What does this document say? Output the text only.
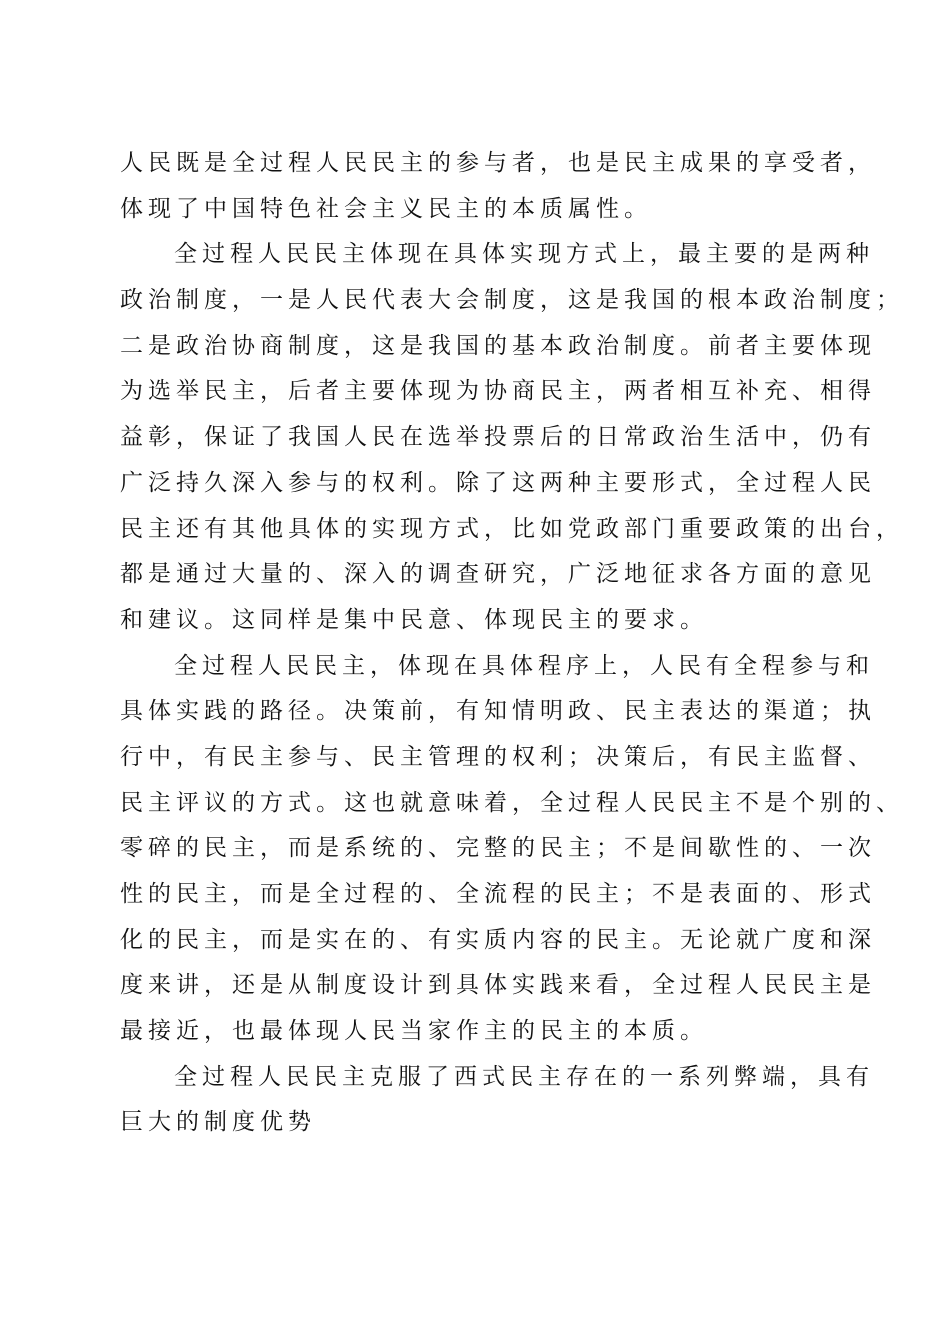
人民既是全过程人民民主的参与者，也是民主成果的享受者，
体现了中国特色社会主义民主的本质属性。
全过程人民民主体现在具体实现方式上，最主要的是两种
政治制度，一是人民代表大会制度，这是我国的根本政治制度；
二是政治协商制度，这是我国的基本政治制度。前者主要体现
为选举民主，后者主要体现为协商民主，两者相互补充、相得
益彰，保证了我国人民在选举投票后的日常政治生活中，仍有
广泛持久深入参与的权利。除了这两种主要形式，全过程人民
民主还有其他具体的实现方式，比如党政部门重要政策的出台，
都是通过大量的、深入的调查研究，广泛地征求各方面的意见
和建议。这同样是集中民意、体现民主的要求。
全过程人民民主，体现在具体程序上，人民有全程参与和
具体实践的路径。决策前，有知情明政、民主表达的渠道；执
行中，有民主参与、民主管理的权利；决策后，有民主监督、
民主评议的方式。这也就意味着，全过程人民民主不是个别的、
零碎的民主，而是系统的、完整的民主；不是间歇性的、一次
性的民主，而是全过程的、全流程的民主；不是表面的、形式
化的民主，而是实在的、有实质内容的民主。无论就广度和深
度来讲，还是从制度设计到具体实践来看，全过程人民民主是
最接近，也最体现人民当家作主的民主的本质。
全过程人民民主克服了西式民主存在的一系列弊端，具有
巨大的制度优势
